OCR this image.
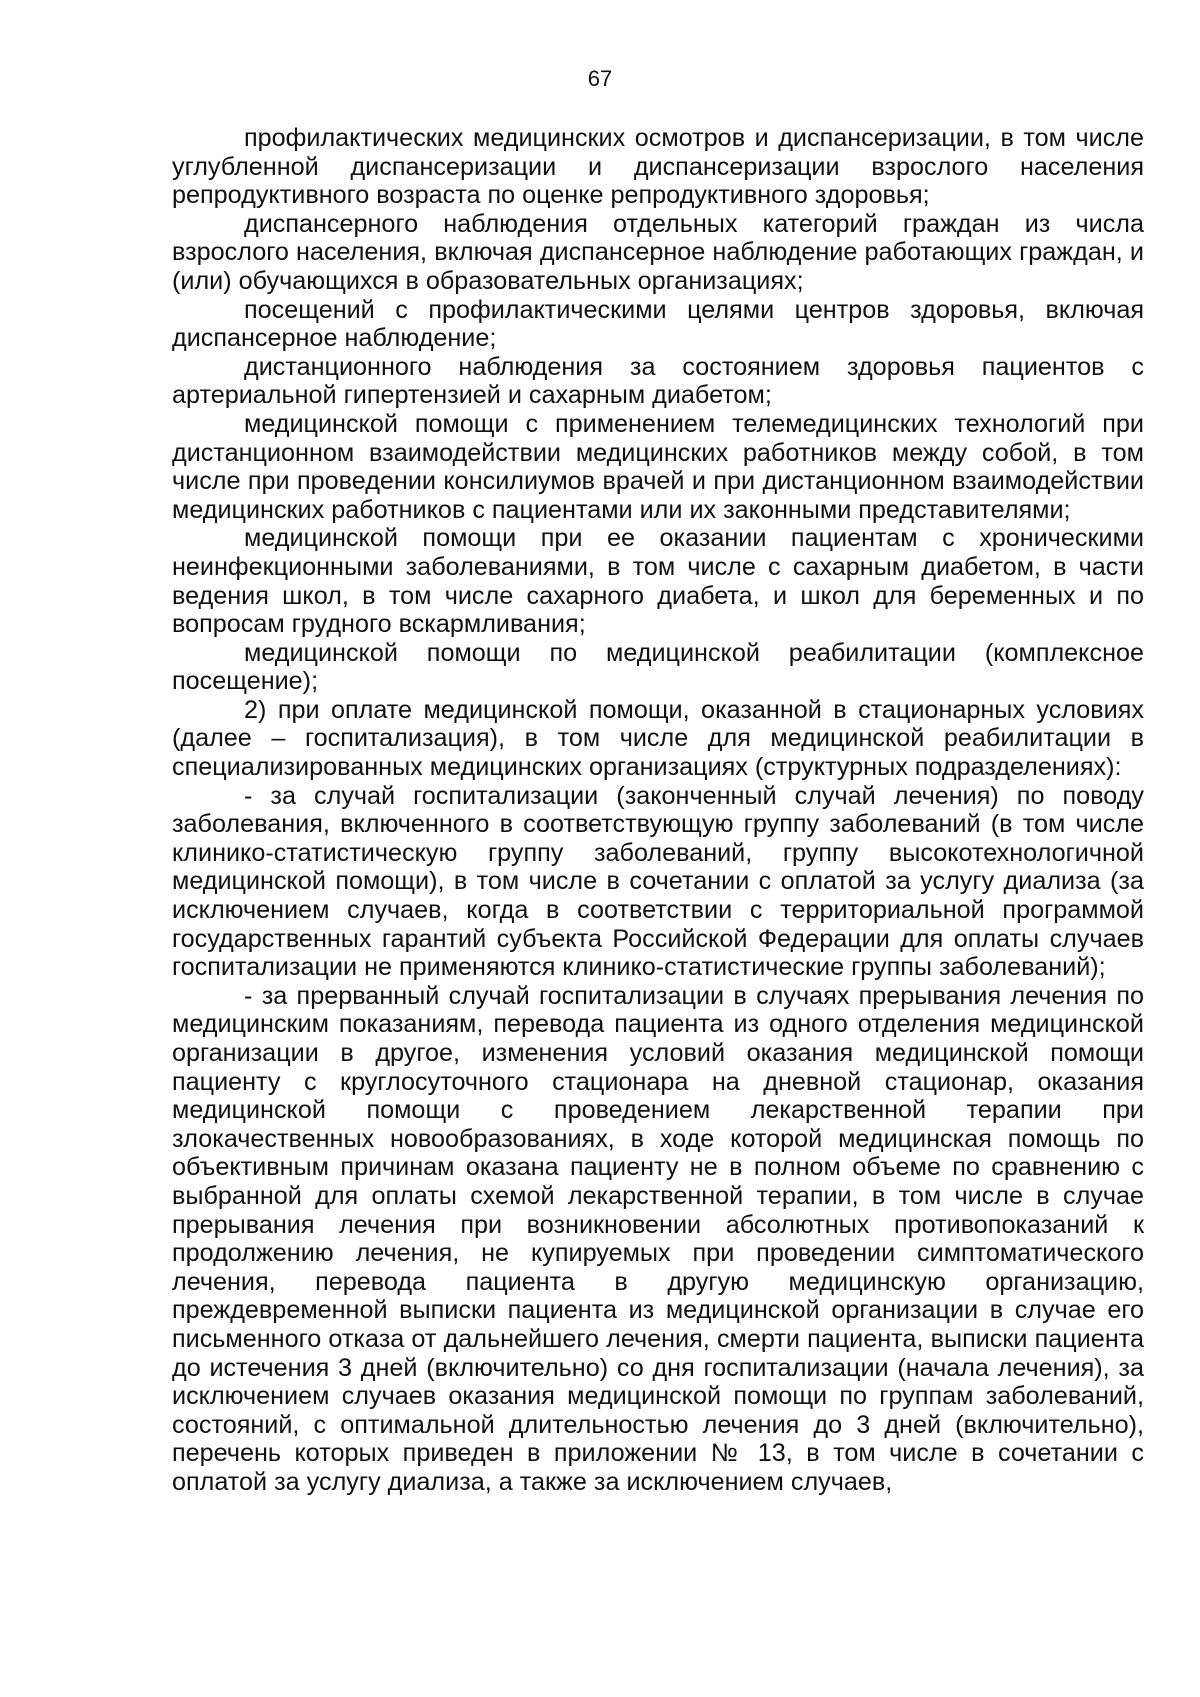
67

профилактических медицинских осмотров и диспансеризации, в том числе углубленной диспансеризации и диспансеризации взрослого населения репродуктивного возраста по оценке репродуктивного здоровья;

диспансерного наблюдения отдельных категорий граждан из числа взрослого населения, включая диспансерное наблюдение работающих граждан, и (или) обучающихся в образовательных организациях;

посещений с профилактическими целями центров здоровья, включая диспансерное наблюдение;

дистанционного наблюдения за состоянием здоровья пациентов с артериальной гипертензией и сахарным диабетом;

медицинской помощи с применением телемедицинских технологий при дистанционном взаимодействии медицинских работников между собой, в том числе при проведении консилиумов врачей и при дистанционном взаимодействии медицинских работников с пациентами или их законными представителями;

медицинской помощи при ее оказании пациентам с хроническими неинфекционными заболеваниями, в том числе с сахарным диабетом, в части ведения школ, в том числе сахарного диабета, и школ для беременных и по вопросам грудного вскармливания;

медицинской помощи по медицинской реабилитации (комплексное посещение);

2) при оплате медицинской помощи, оказанной в стационарных условиях (далее – госпитализация), в том числе для медицинской реабилитации в специализированных медицинских организациях (структурных подразделениях):

- за случай госпитализации (законченный случай лечения) по поводу заболевания, включенного в соответствующую группу заболеваний (в том числе клинико-статистическую группу заболеваний, группу высокотехнологичной медицинской помощи), в том числе в сочетании с оплатой за услугу диализа (за исключением случаев, когда в соответствии с территориальной программой государственных гарантий субъекта Российской Федерации для оплаты случаев госпитализации не применяются клинико-статистические группы заболеваний);

- за прерванный случай госпитализации в случаях прерывания лечения по медицинским показаниям, перевода пациента из одного отделения медицинской организации в другое, изменения условий оказания медицинской помощи пациенту с круглосуточного стационара на дневной стационар, оказания медицинской помощи с проведением лекарственной терапии при злокачественных новообразованиях, в ходе которой медицинская помощь по объективным причинам оказана пациенту не в полном объеме по сравнению с выбранной для оплаты схемой лекарственной терапии, в том числе в случае прерывания лечения при возникновении абсолютных противопоказаний к продолжению лечения, не купируемых при проведении симптоматического лечения, перевода пациента в другую медицинскую организацию, преждевременной выписки пациента из медицинской организации в случае его письменного отказа от дальнейшего лечения, смерти пациента, выписки пациента до истечения 3 дней (включительно) со дня госпитализации (начала лечения), за исключением случаев оказания медицинской помощи по группам заболеваний, состояний, с оптимальной длительностью лечения до 3 дней (включительно), перечень которых приведен в приложении № 13, в том числе в сочетании с оплатой за услугу диализа, а также за исключением случаев,
